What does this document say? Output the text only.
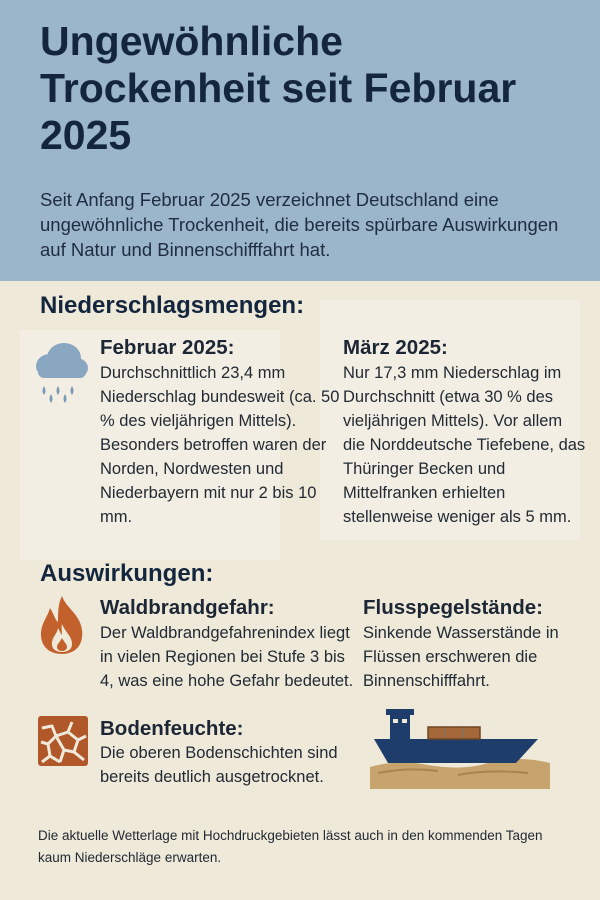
Ungewöhnliche Trockenheit seit Februar 2025
Seit Anfang Februar 2025 verzeichnet Deutschland eine ungewöhnliche Trockenheit, die bereits spürbare Auswirkungen auf Natur und Binnenschifffahrt hat.
Niederschlagsmengen:
Februar 2025:
Durchschnittlich 23,4 mm Niederschlag bundesweit (ca. 50 % des vieljährigen Mittels). Besonders betroffen waren der Norden, Nordwesten und Niederbayern mit nur 2 bis 10 mm.
März 2025:
Nur 17,3 mm Niederschlag im Durchschnitt (etwa 30 % des vieljährigen Mittels). Vor allem die Norddeutsche Tiefebene, das Thüringer Becken und Mittelfranken erhielten stellenweise weniger als 5 mm.
Auswirkungen:
Waldbrandgefahr:
Der Waldbrandgefahrenindex liegt in vielen Regionen bei Stufe 3 bis 4, was eine hohe Gefahr bedeutet.
Flusspegelstände:
Sinkende Wasserstände in Flüssen erschweren die Binnenschifffahrt.
Bodenfeuchte:
Die oberen Bodenschichten sind bereits deutlich ausgetrocknet.
Die aktuelle Wetterlage mit Hochdruckgebieten lässt auch in den kommenden Tagen kaum Niederschläge erwarten.
